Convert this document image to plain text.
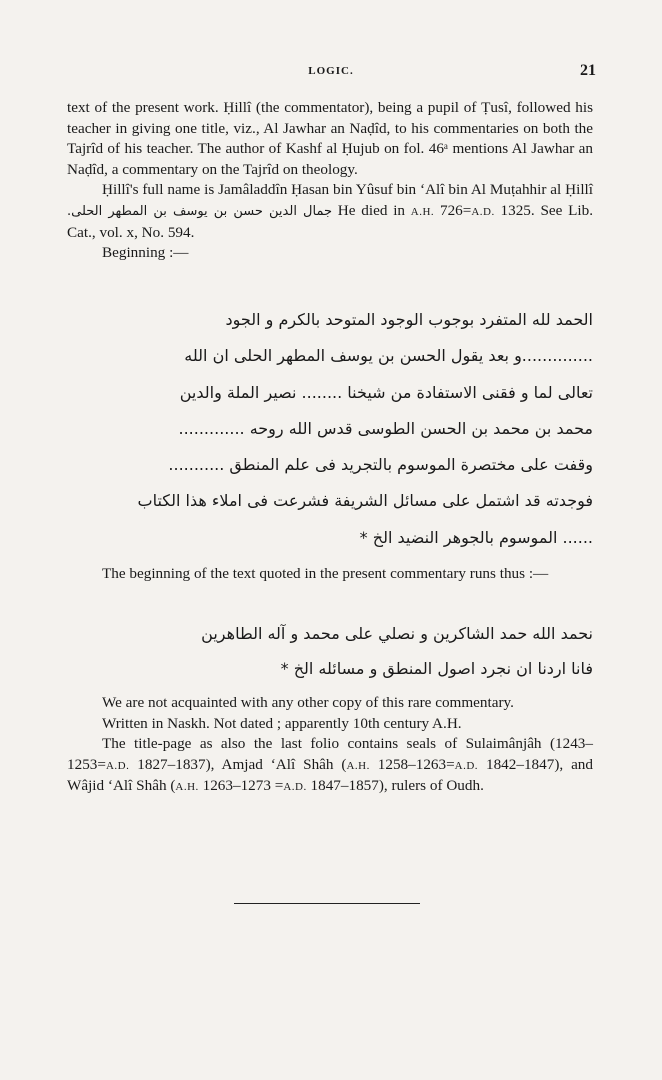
LOGIC.	21

text of the present work. Ḥillî (the commentator), being a pupil of Ṭusî, followed his teacher in giving one title, viz., Al Jawhar an Naḍîd, to his commentaries on both the Tajrîd of his teacher. The author of Kashf al Ḥujub on fol. 46ᵃ mentions Al Jawhar an Naḍîd, a commentary on the Tajrîd on theology.

Ḥillî's full name is Jamâladdîn Ḥasan bin Yûsuf bin ‘Alî bin Al Muṭahhir al Ḥillî جمال الدين حسن بن يوسف بن المطهر الحلى. He died in A.H. 726=A.D. 1325. See Lib. Cat., vol. x, No. 594.

Beginning :—

الحمد لله المتفرد بوجوب الوجود المتوحد بالكرم و الجود
..............و بعد يقول الحسن بن يوسف المطهر الحلى ان الله
تعالى لما و فقنى الاستفادة من شيخنا ........ نصير الملة والدين
محمد بن محمد بن الحسن الطوسى قدس الله روحه .............
وقفت على مختصرة الموسوم بالتجريد فى علم المنطق ...........
فوجدته قد اشتمل على مسائل الشريفة فشرعت فى املاء هذا الكتاب
...... الموسوم بالجوهر النضيد الخ *

The beginning of the text quoted in the present commentary runs thus :—

نحمد الله حمد الشاكرين و نصلي على محمد و آله الطاهرين
فانا اردنا ان نجرد اصول المنطق و مسائله الخ *

We are not acquainted with any other copy of this rare commentary.

Written in Naskh. Not dated ; apparently 10th century A.H.

The title-page as also the last folio contains seals of Sulaimânjâh (1243–1253=A.D. 1827–1837), Amjad ‘Alî Shâh (A.H. 1258–1263=A.D. 1842–1847), and Wâjid ‘Alî Shâh (A.H. 1263–1273 =A.D. 1847–1857), rulers of Oudh.
